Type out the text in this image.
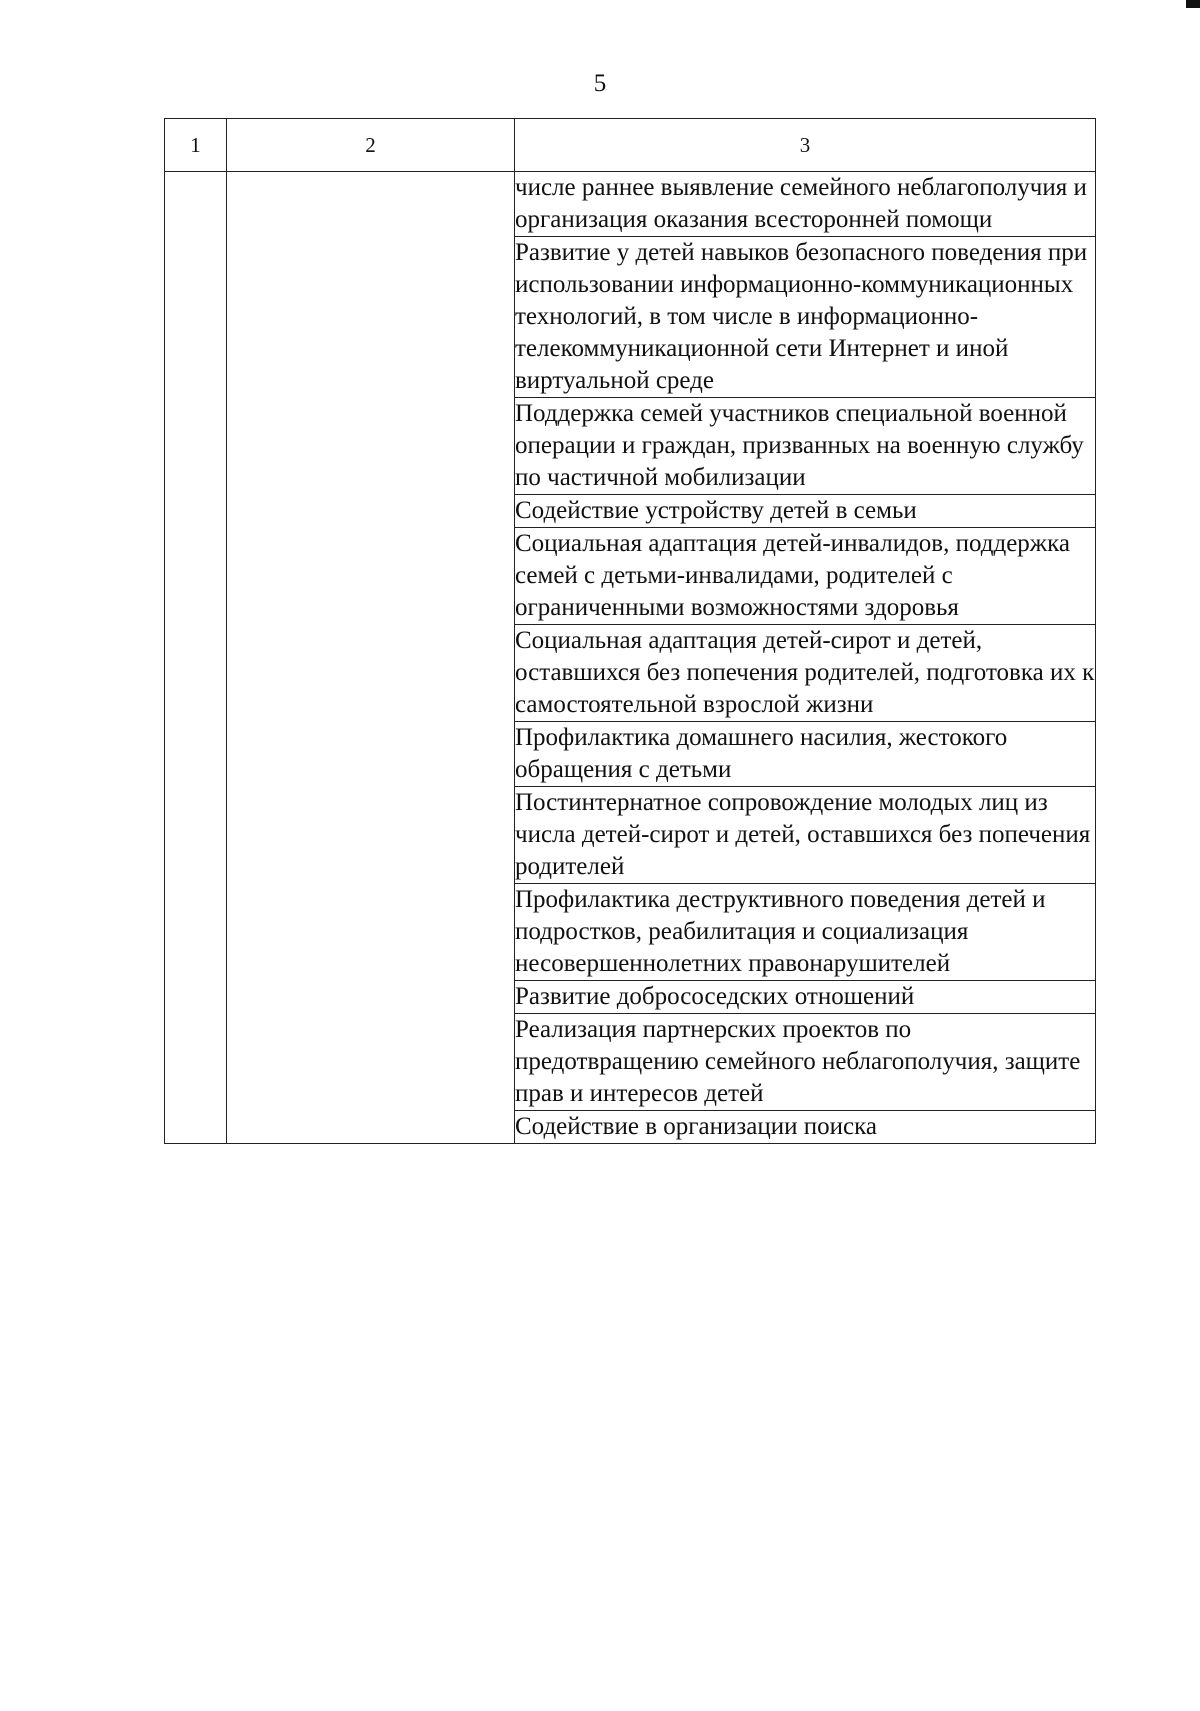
5
1	2	3
		числе раннее выявление семейного неблагополучия и организация оказания всесторонней помощи
		Развитие у детей навыков безопасного поведения при использовании информационно-коммуникационных технологий, в том числе в информационно-телекоммуникационной сети Интернет и иной виртуальной среде
		Поддержка семей участников специальной военной операции и граждан, призванных на военную службу по частичной мобилизации
		Содействие устройству детей в семьи
		Социальная адаптация детей-инвалидов, поддержка семей с детьми-инвалидами, родителей с ограниченными возможностями здоровья
		Социальная адаптация детей-сирот и детей, оставшихся без попечения родителей, подготовка их к самостоятельной взрослой жизни
		Профилактика домашнего насилия, жестокого обращения с детьми
		Постинтернатное сопровождение молодых лиц из числа детей-сирот и детей, оставшихся без попечения родителей
		Профилактика деструктивного поведения детей и подростков, реабилитация и социализация несовершеннолетних правонарушителей
		Развитие добрососедских отношений
		Реализация партнерских проектов по предотвращению семейного неблагополучия, защите прав и интересов детей
		Содействие в организации поиска
